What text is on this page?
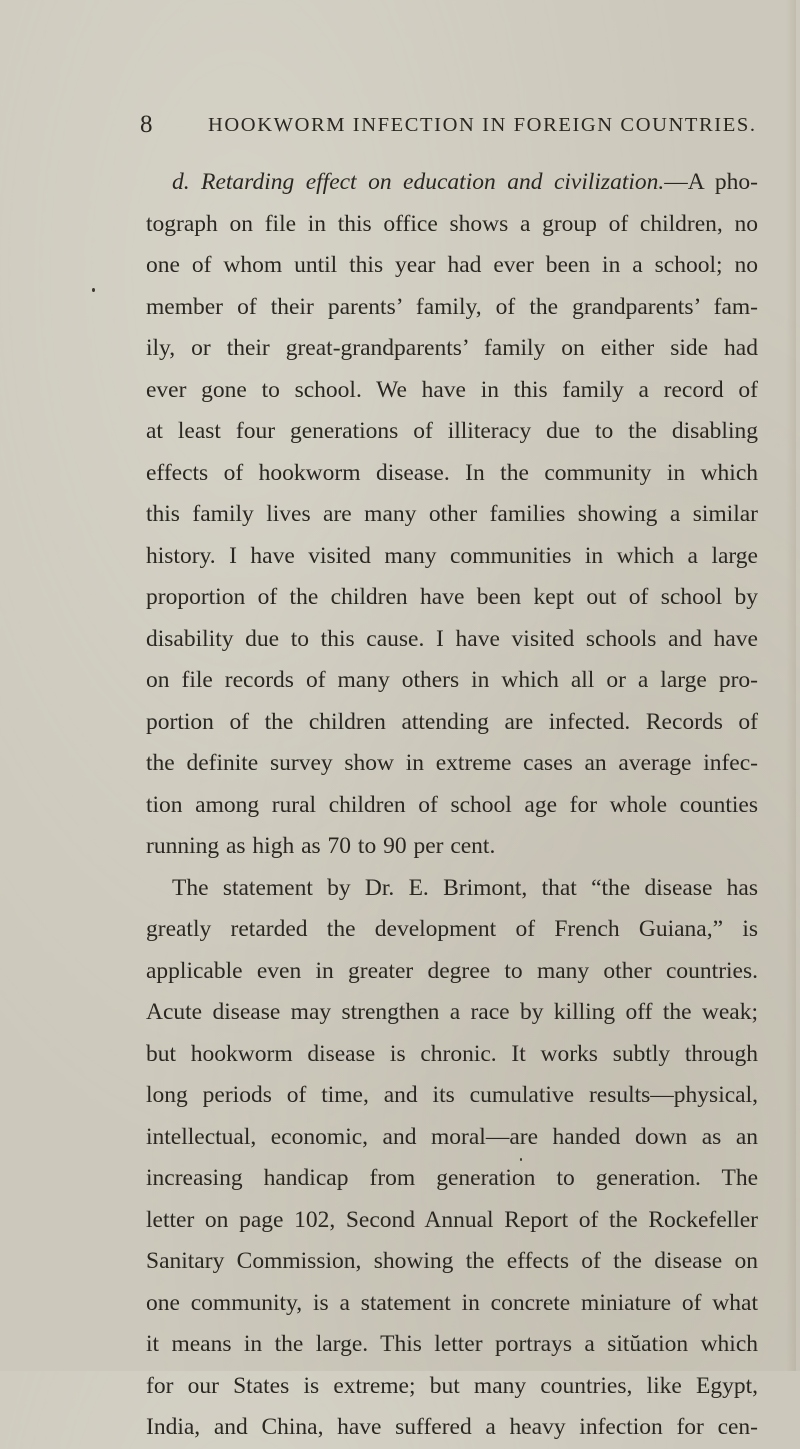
8	HOOKWORM INFECTION IN FOREIGN COUNTRIES.
d. Retarding effect on education and civilization.—A pho-
tograph on file in this office shows a group of children, no
one of whom until this year had ever been in a school; no
member of their parents’ family, of the grandparents’ fam-
ily, or their great-grandparents’ family on either side had
ever gone to school. We have in this family a record of
at least four generations of illiteracy due to the disabling
effects of hookworm disease. In the community in which
this family lives are many other families showing a similar
history. I have visited many communities in which a large
proportion of the children have been kept out of school by
disability due to this cause. I have visited schools and have
on file records of many others in which all or a large pro-
portion of the children attending are infected. Records of
the definite survey show in extreme cases an average infec-
tion among rural children of school age for whole counties
running as high as 70 to 90 per cent.
The statement by Dr. E. Brimont, that “the disease has
greatly retarded the development of French Guiana,” is
applicable even in greater degree to many other countries.
Acute disease may strengthen a race by killing off the weak;
but hookworm disease is chronic. It works subtly through
long periods of time, and its cumulative results—physical,
intellectual, economic, and moral—are handed down as an
increasing handicap from generation to generation. The
letter on page 102, Second Annual Report of the Rockefeller
Sanitary Commission, showing the effects of the disease on
one community, is a statement in concrete miniature of what
it means in the large. This letter portrays a sitŭation which
for our States is extreme; but many countries, like Egypt,
India, and China, have suffered a heavy infection for cen-
